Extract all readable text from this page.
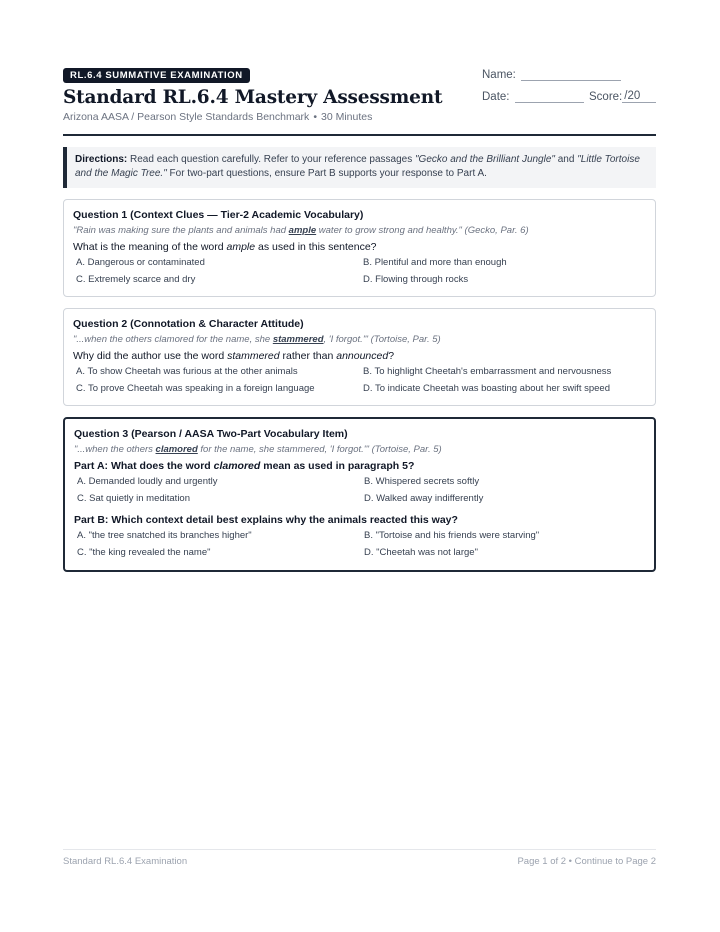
RL.6.4 SUMMATIVE EXAMINATION
Standard RL.6.4 Mastery Assessment
Arizona AASA / Pearson Style Standards Benchmark • 30 Minutes
Name:
Date:	Score: /20
Directions: Read each question carefully. Refer to your reference passages "Gecko and the Brilliant Jungle" and "Little Tortoise and the Magic Tree." For two-part questions, ensure Part B supports your response to Part A.
Question 1 (Context Clues — Tier-2 Academic Vocabulary)
"Rain was making sure the plants and animals had ample water to grow strong and healthy." (Gecko, Par. 6)
What is the meaning of the word ample as used in this sentence?
A. Dangerous or contaminated	B. Plentiful and more than enough
C. Extremely scarce and dry	D. Flowing through rocks
Question 2 (Connotation & Character Attitude)
"...when the others clamored for the name, she stammered, 'I forgot.'" (Tortoise, Par. 5)
Why did the author use the word stammered rather than announced?
A. To show Cheetah was furious at the other animals	B. To highlight Cheetah's embarrassment and nervousness
C. To prove Cheetah was speaking in a foreign language	D. To indicate Cheetah was boasting about her swift speed
Question 3 (Pearson / AASA Two-Part Vocabulary Item)
"...when the others clamored for the name, she stammered, 'I forgot.'" (Tortoise, Par. 5)
Part A: What does the word clamored mean as used in paragraph 5?
A. Demanded loudly and urgently	B. Whispered secrets softly
C. Sat quietly in meditation	D. Walked away indifferently
Part B: Which context detail best explains why the animals reacted this way?
A. "the tree snatched its branches higher"	B. "Tortoise and his friends were starving"
C. "the king revealed the name"	D. "Cheetah was not large"
Standard RL.6.4 Examination	Page 1 of 2 • Continue to Page 2
